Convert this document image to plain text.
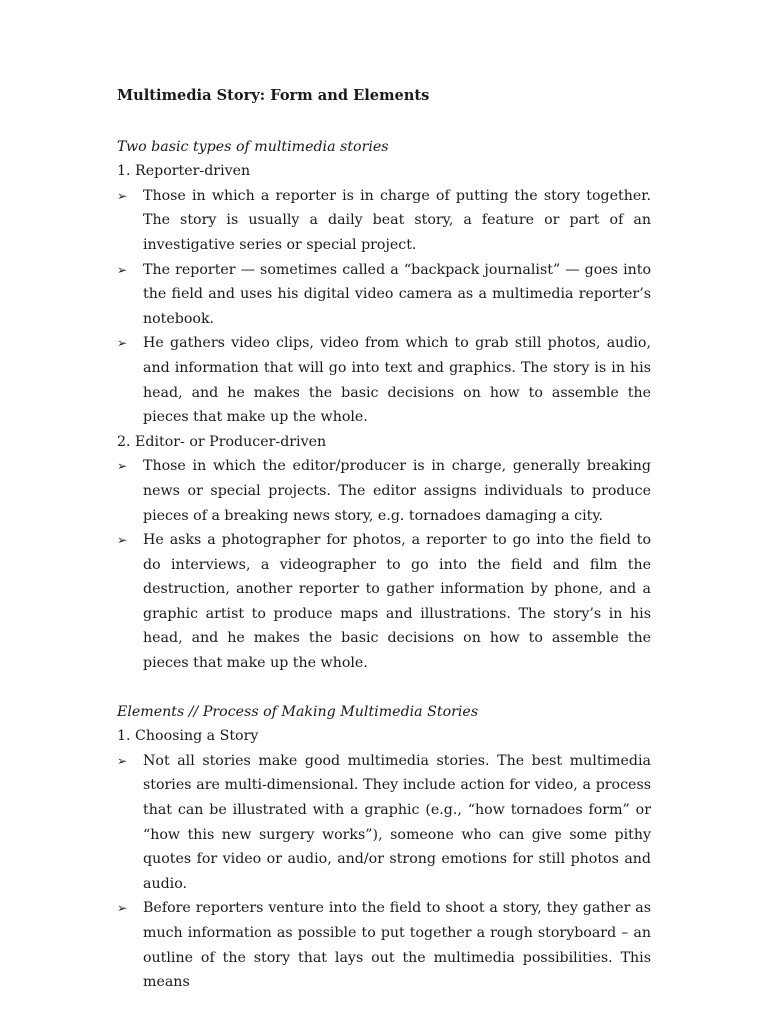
Multimedia Story: Form and Elements
Two basic types of multimedia stories
1. Reporter-driven
➢ Those in which a reporter is in charge of putting the story together. The story is usually a daily beat story, a feature or part of an investigative series or special project.
➢ The reporter — sometimes called a “backpack journalist” — goes into the field and uses his digital video camera as a multimedia reporter’s notebook.
➢ He gathers video clips, video from which to grab still photos, audio, and information that will go into text and graphics. The story is in his head, and he makes the basic decisions on how to assemble the pieces that make up the whole.
2. Editor- or Producer-driven
➢ Those in which the editor/producer is in charge, generally breaking news or special projects. The editor assigns individuals to produce pieces of a breaking news story, e.g. tornadoes damaging a city.
➢ He asks a photographer for photos, a reporter to go into the field to do interviews, a videographer to go into the field and film the destruction, another reporter to gather information by phone, and a graphic artist to produce maps and illustrations. The story’s in his head, and he makes the basic decisions on how to assemble the pieces that make up the whole.
Elements // Process of Making Multimedia Stories
1. Choosing a Story
➢ Not all stories make good multimedia stories. The best multimedia stories are multi-dimensional. They include action for video, a process that can be illustrated with a graphic (e.g., “how tornadoes form” or “how this new surgery works”), someone who can give some pithy quotes for video or audio, and/or strong emotions for still photos and audio.
➢ Before reporters venture into the field to shoot a story, they gather as much information as possible to put together a rough storyboard – an outline of the story that lays out the multimedia possibilities. This means
